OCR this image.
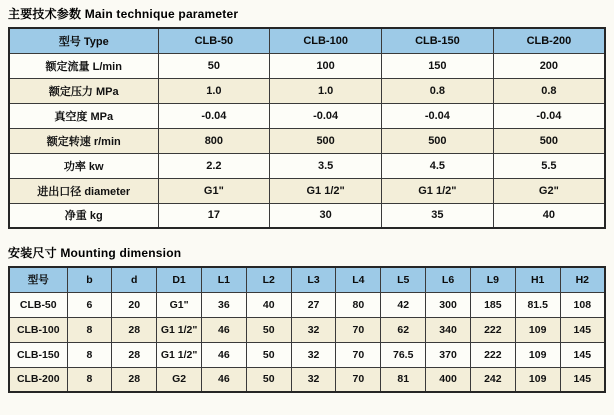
主要技术参数 Main technique parameter
型号 Type	CLB-50	CLB-100	CLB-150	CLB-200
额定流量 L/min	50	100	150	200
额定压力 MPa	1.0	1.0	0.8	0.8
真空度 MPa	-0.04	-0.04	-0.04	-0.04
额定转速 r/min	800	500	500	500
功率 kw	2.2	3.5	4.5	5.5
进出口径 diameter	G1"	G1 1/2"	G1 1/2"	G2"
净重 kg	17	30	35	40
安装尺寸 Mounting dimension
型号	b	d	D1	L1	L2	L3	L4	L5	L6	L9	H1	H2
CLB-50	6	20	G1"	36	40	27	80	42	300	185	81.5	108
CLB-100	8	28	G1 1/2"	46	50	32	70	62	340	222	109	145
CLB-150	8	28	G1 1/2"	46	50	32	70	76.5	370	222	109	145
CLB-200	8	28	G2	46	50	32	70	81	400	242	109	145
